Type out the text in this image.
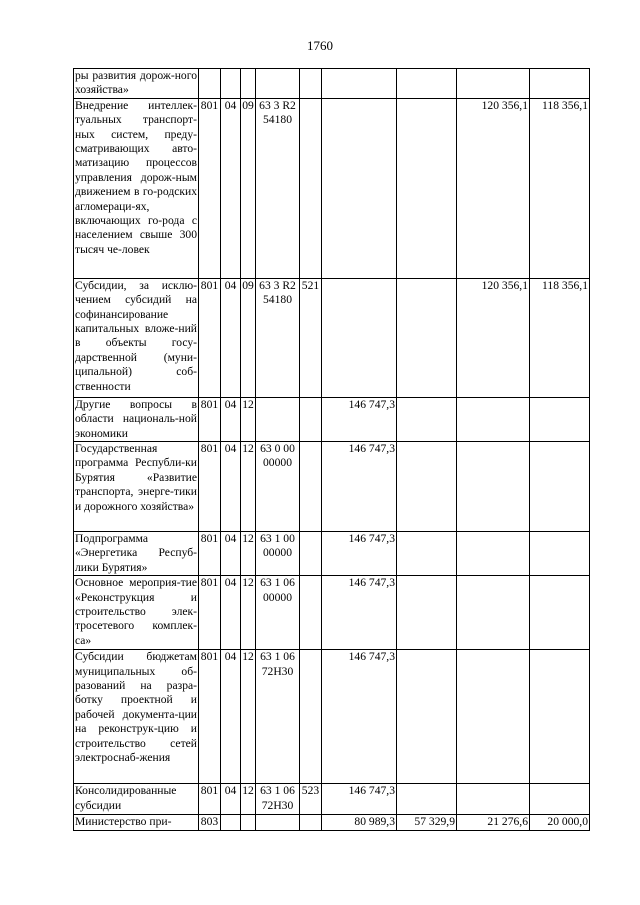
1760
ры развития дорож-ного хозяйства»									
Внедрение интеллек-туальных транспорт-ных систем, преду-сматривающих авто-матизацию процессов управления дорож-ным движением в го-родских агломераци-ях, включающих го-рода с населением свыше 300 тысяч че-ловек	801	04	09	63 3 R2 54180				120 356,1	118 356,1
Субсидии, за исклю-чением субсидий на софинансирование капитальных вложе-ний в объекты госу-дарственной (муни-ципальной) соб-ственности	801	04	09	63 3 R2 54180	521			120 356,1	118 356,1
Другие вопросы в области националь-ной экономики	801	04	12			146 747,3			
Государственная программа Республи-ки Бурятия «Развитие транспорта, энерге-тики и дорожного хозяйства»	801	04	12	63 0 00 00000		146 747,3			
Подпрограмма «Энергетика Респуб-лики Бурятия»	801	04	12	63 1 00 00000		146 747,3			
Основное мероприя-тие «Реконструкция и строительство элек-тросетевого комплек-са»	801	04	12	63 1 06 00000		146 747,3			
Субсидии бюджетам муниципальных об-разований на разра-ботку проектной и рабочей документа-ции на реконструк-цию и строительство сетей электроснаб-жения	801	04	12	63 1 06 72Н30		146 747,3			
Консолидированные субсидии	801	04	12	63 1 06 72Н30	523	146 747,3			
Министерство при-	803					80 989,3	57 329,9	21 276,6	20 000,0
